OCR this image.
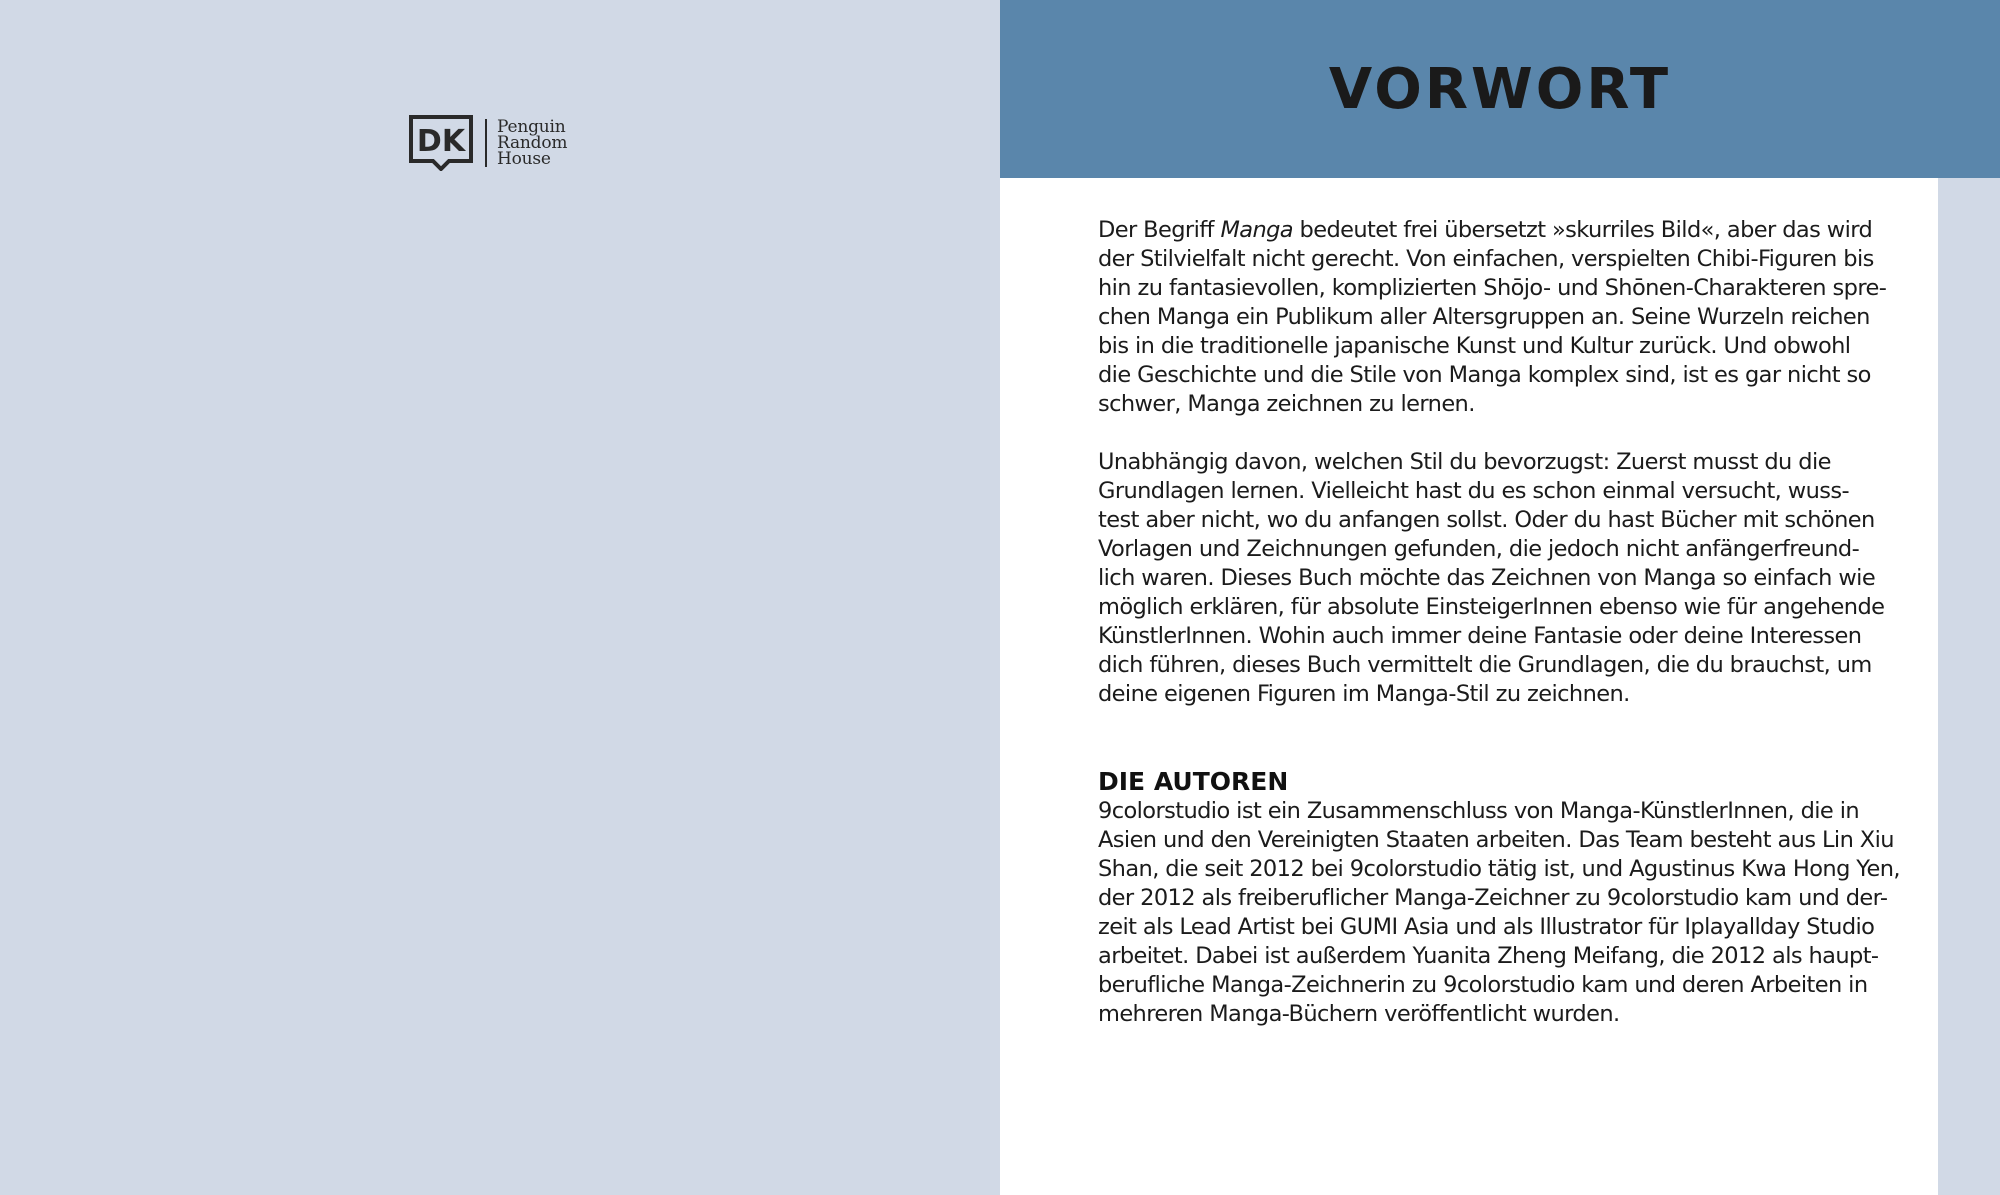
DK Penguin
Random
House
VORWORT

Der Begriff Manga bedeutet frei übersetzt »skurriles Bild«, aber das wird
der Stilvielfalt nicht gerecht. Von einfachen, verspielten Chibi-Figuren bis
hin zu fantasievollen, komplizierten Shōjo- und Shōnen-Charakteren spre-
chen Manga ein Publikum aller Altersgruppen an. Seine Wurzeln reichen
bis in die traditionelle japanische Kunst und Kultur zurück. Und obwohl
die Geschichte und die Stile von Manga komplex sind, ist es gar nicht so
schwer, Manga zeichnen zu lernen.

Unabhängig davon, welchen Stil du bevorzugst: Zuerst musst du die
Grundlagen lernen. Vielleicht hast du es schon einmal versucht, wuss-
test aber nicht, wo du anfangen sollst. Oder du hast Bücher mit schönen
Vorlagen und Zeichnungen gefunden, die jedoch nicht anfängerfreund-
lich waren. Dieses Buch möchte das Zeichnen von Manga so einfach wie
möglich erklären, für absolute EinsteigerInnen ebenso wie für angehende
KünstlerInnen. Wohin auch immer deine Fantasie oder deine Interessen
dich führen, dieses Buch vermittelt die Grundlagen, die du brauchst, um
deine eigenen Figuren im Manga-Stil zu zeichnen.

DIE AUTOREN

9colorstudio ist ein Zusammenschluss von Manga-KünstlerInnen, die in
Asien und den Vereinigten Staaten arbeiten. Das Team besteht aus Lin Xiu
Shan, die seit 2012 bei 9colorstudio tätig ist, und Agustinus Kwa Hong Yen,
der 2012 als freiberuflicher Manga-Zeichner zu 9colorstudio kam und der-
zeit als Lead Artist bei GUMI Asia und als Illustrator für Iplayallday Studio
arbeitet. Dabei ist außerdem Yuanita Zheng Meifang, die 2012 als haupt-
berufliche Manga-Zeichnerin zu 9colorstudio kam und deren Arbeiten in
mehreren Manga-Büchern veröffentlicht wurden.
